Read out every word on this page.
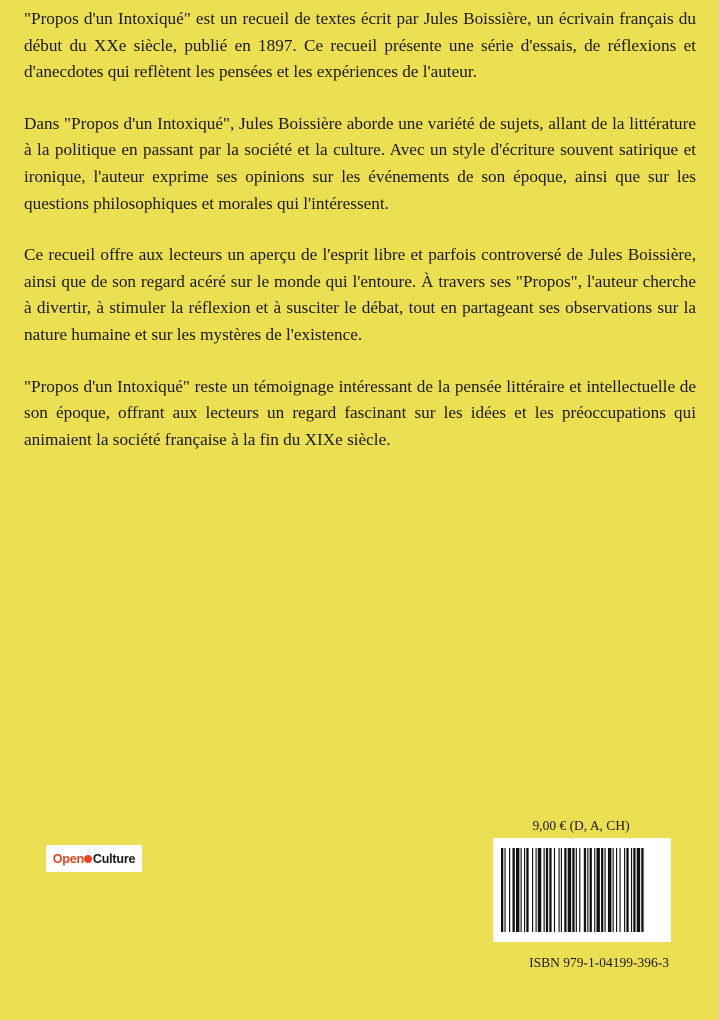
"Propos d'un Intoxiqué" est un recueil de textes écrit par Jules Boissière, un écrivain français du début du XXe siècle, publié en 1897. Ce recueil présente une série d'essais, de réflexions et d'anecdotes qui reflètent les pensées et les expériences de l'auteur.

Dans "Propos d'un Intoxiqué", Jules Boissière aborde une variété de sujets, allant de la littérature à la politique en passant par la société et la culture. Avec un style d'écriture souvent satirique et ironique, l'auteur exprime ses opinions sur les événements de son époque, ainsi que sur les questions philosophiques et morales qui l'intéressent.

Ce recueil offre aux lecteurs un aperçu de l'esprit libre et parfois controversé de Jules Boissière, ainsi que de son regard acéré sur le monde qui l'entoure. À travers ses "Propos", l'auteur cherche à divertir, à stimuler la réflexion et à susciter le débat, tout en partageant ses observations sur la nature humaine et sur les mystères de l'existence.

"Propos d'un Intoxiqué" reste un témoignage intéressant de la pensée littéraire et intellectuelle de son époque, offrant aux lecteurs un regard fascinant sur les idées et les préoccupations qui animaient la société française à la fin du XIXe siècle.

Open Culture
9,00 € (D, A, CH)
ISBN 979-1-04199-396-3
